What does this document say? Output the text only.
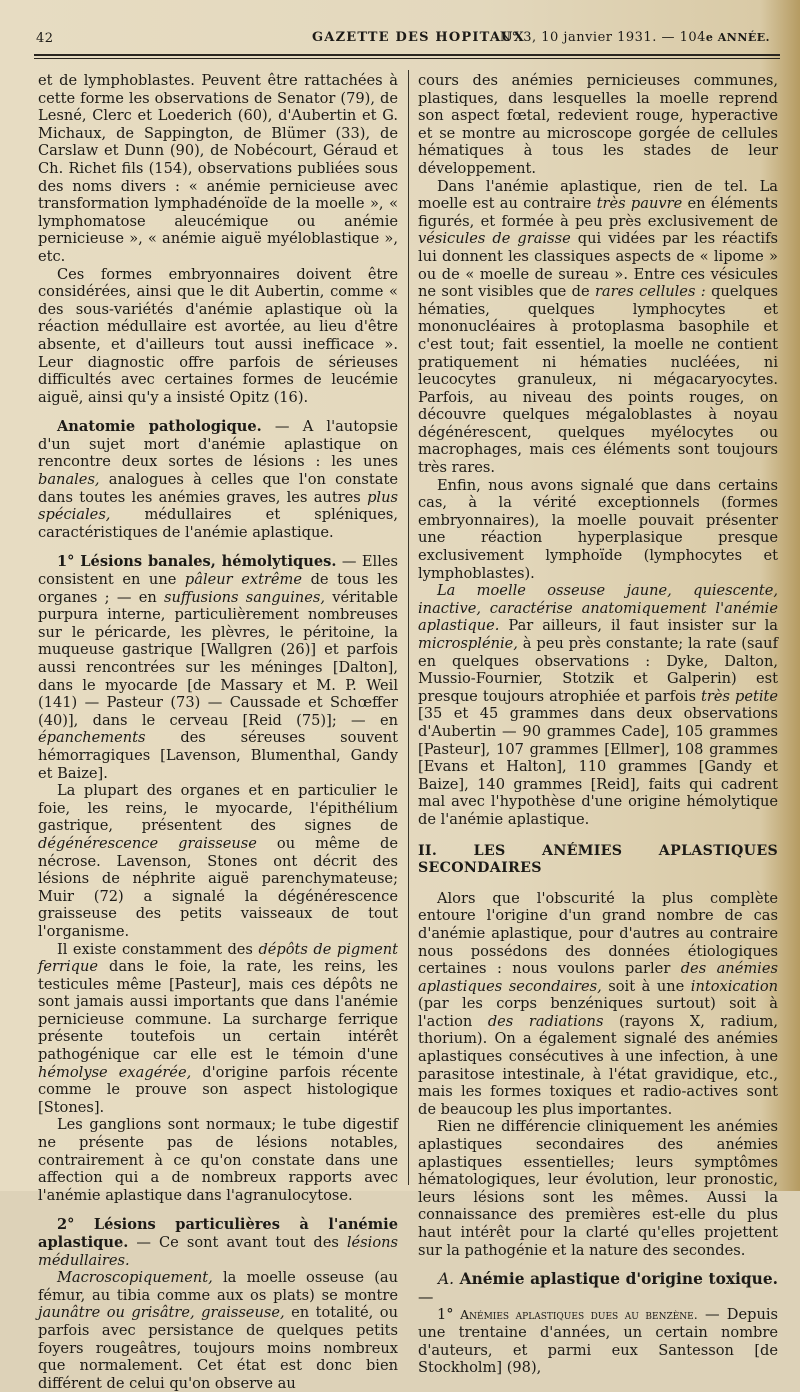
42	GAZETTE DES HOPITAUX
N° 3, 10 janvier 1931. — 104e ANNÉE.

et de lymphoblastes. Peuvent être rattachées à cette forme les observations de Senator (79), de Lesné, Clerc et Loederich (60), d'Aubertin et G. Michaux, de Sappington, de Blümer (33), de Carslaw et Dunn (90), de Nobécourt, Géraud et Ch. Richet fils (154), observations publiées sous des noms divers : « anémie pernicieuse avec transformation lymphadénoïde de la moelle », « lymphomatose aleucémique ou anémie pernicieuse », « anémie aiguë myéloblastique », etc.

Ces formes embryonnaires doivent être considérées, ainsi que le dit Aubertin, comme « des sous-variétés d'anémie aplastique où la réaction médullaire est avortée, au lieu d'être absente, et d'ailleurs tout aussi inefficace ». Leur diagnostic offre parfois de sérieuses difficultés avec certaines formes de leucémie aiguë, ainsi qu'y a insisté Opitz (16).

Anatomie pathologique. — A l'autopsie d'un sujet mort d'anémie aplastique on rencontre deux sortes de lésions : les unes banales, analogues à celles que l'on constate dans toutes les anémies graves, les autres plus spéciales, médullaires et spléniques, caractéristiques de l'anémie aplastique.

1° Lésions banales, hémolytiques. — Elles consistent en une pâleur extrême de tous les organes ; — en suffusions sanguines, véritable purpura interne, particulièrement nombreuses sur le péricarde, les plèvres, le péritoine, la muqueuse gastrique [Wallgren (26)] et parfois aussi rencontrées sur les méninges [Dalton], dans le myocarde [de Massary et M. P. Weil (141) — Pasteur (73) — Caussade et Schœffer (40)], dans le cerveau [Reid (75)]; — en épanchements des séreuses souvent hémorragiques [Lavenson, Blumenthal, Gandy et Baize].

La plupart des organes et en particulier le foie, les reins, le myocarde, l'épithélium gastrique, présentent des signes de dégénérescence graisseuse ou même de nécrose. Lavenson, Stones ont décrit des lésions de néphrite aiguë parenchymateuse; Muir (72) a signalé la dégénérescence graisseuse des petits vaisseaux de tout l'organisme.

Il existe constamment des dépôts de pigment ferrique dans le foie, la rate, les reins, les testicules même [Pasteur], mais ces dépôts ne sont jamais aussi importants que dans l'anémie pernicieuse commune. La surcharge ferrique présente toutefois un certain intérêt pathogénique car elle est le témoin d'une hémolyse exagérée, d'origine parfois récente comme le prouve son aspect histologique [Stones].

Les ganglions sont normaux; le tube digestif ne présente pas de lésions notables, contrairement à ce qu'on constate dans une affection qui a de nombreux rapports avec l'anémie aplastique dans l'agranulocytose.

2° Lésions particulières à l'anémie aplastique. — Ce sont avant tout des lésions médullaires.

Macroscopiquement, la moelle osseuse (au fémur, au tibia comme aux os plats) se montre jaunâtre ou grisâtre, graisseuse, en totalité, ou parfois avec persistance de quelques petits foyers rougeâtres, toujours moins nombreux que normalement. Cet état est donc bien différent de celui qu'on observe au

cours des anémies pernicieuses communes, plastiques, dans lesquelles la moelle reprend son aspect fœtal, redevient rouge, hyperactive et se montre au microscope gorgée de cellules hématiques à tous les stades de leur développement.

Dans l'anémie aplastique, rien de tel. La moelle est au contraire très pauvre en éléments figurés, et formée à peu près exclusivement de vésicules de graisse qui vidées par les réactifs lui donnent les classiques aspects de « lipome » ou de « moelle de sureau ». Entre ces vésicules ne sont visibles que de rares cellules : quelques hématies, quelques lymphocytes et mononucléaires à protoplasma basophile et c'est tout; fait essentiel, la moelle ne contient pratiquement ni hématies nucléées, ni leucocytes granuleux, ni mégacaryocytes. Parfois, au niveau des points rouges, on découvre quelques mégaloblastes à noyau dégénérescent, quelques myélocytes ou macrophages, mais ces éléments sont toujours très rares.

Enfin, nous avons signalé que dans certains cas, à la vérité exceptionnels (formes embryonnaires), la moelle pouvait présenter une réaction hyperplasique presque exclusivement lymphoïde (lymphocytes et lymphoblastes).

La moelle osseuse jaune, quiescente, inactive, caractérise anatomiquement l'anémie aplastique. Par ailleurs, il faut insister sur la microsplénie, à peu près constante; la rate (sauf en quelques observations : Dyke, Dalton, Mussio-Fournier, Stotzik et Galperin) est presque toujours atrophiée et parfois très petite [35 et 45 grammes dans deux observations d'Aubertin — 90 grammes Cade], 105 grammes [Pasteur], 107 grammes [Ellmer], 108 grammes [Evans et Halton], 110 grammes [Gandy et Baize], 140 grammes [Reid], faits qui cadrent mal avec l'hypothèse d'une origine hémolytique de l'anémie aplastique.

II. LES ANÉMIES APLASTIQUES SECONDAIRES

Alors que l'obscurité la plus complète entoure l'origine d'un grand nombre de cas d'anémie aplastique, pour d'autres au contraire nous possédons des données étiologiques certaines : nous voulons parler des anémies aplastiques secondaires, soit à une intoxication (par les corps benzéniques surtout) soit à l'action des radiations (rayons X, radium, thorium). On a également signalé des anémies aplastiques consécutives à une infection, à une parasitose intestinale, à l'état gravidique, etc., mais les formes toxiques et radio-actives sont de beaucoup les plus importantes.

Rien ne différencie cliniquement les anémies aplastiques secondaires des anémies aplastiques essentielles; leurs symptômes hématologiques, leur évolution, leur pronostic, leurs lésions sont les mêmes. Aussi la connaissance des premières est-elle du plus haut intérêt pour la clarté qu'elles projettent sur la pathogénie et la nature des secondes.

A. Anémie aplastique d'origine toxique. —

1° Anémies aplastiques dues au benzène. — Depuis une trentaine d'années, un certain nombre d'auteurs, et parmi eux Santesson [de Stockholm] (98),
